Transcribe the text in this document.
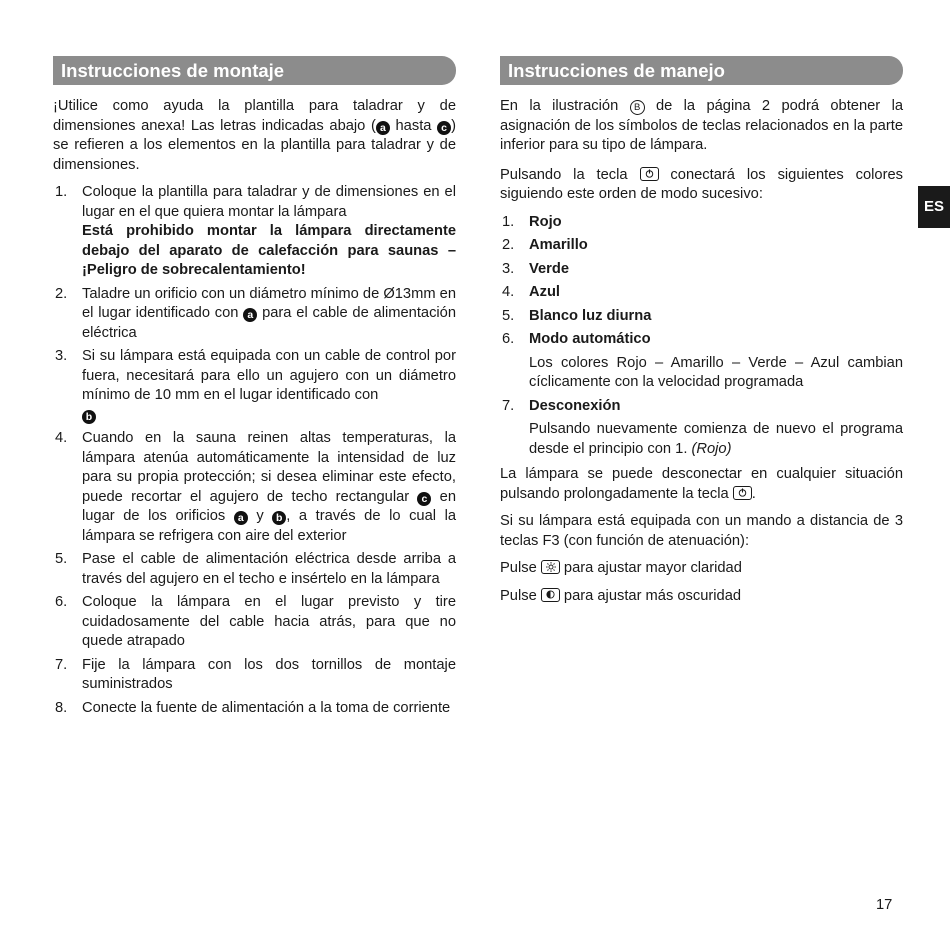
Instrucciones de montaje

¡Utilice como ayuda la plantilla para taladrar y de dimensiones anexa! Las letras indicadas abajo ( a hasta c ) se refieren a los elementos en la plantilla para taladrar y de dimensiones.

1.	Coloque la plantilla para taladrar y de dimensiones en el lugar en el que quiera montar la lámpara
Está prohibido montar la lámpara directamente debajo del aparato de calefacción para saunas – ¡Peligro de sobrecalentamiento!
2.	Taladre un orificio con un diámetro mínimo de Ø13mm en el lugar identificado con a para el cable de alimentación eléctrica
3.	Si su lámpara está equipada con un cable de control por fuera, necesitará para ello un agujero con un diámetro mínimo de 10 mm en el lugar identificado con
b
4.	Cuando en la sauna reinen altas temperaturas, la lámpara atenúa automáticamente la intensidad de luz para su propia protección; si desea eliminar este efecto, puede recortar el agujero de techo rectangular c en lugar de los orificios a y b , a través de lo cual la lámpara se refrigera con aire del exterior
5.	Pase el cable de alimentación eléctrica desde arriba a través del agujero en el techo e insértelo en la lámpara
6.	Coloque la lámpara en el lugar previsto y tire cuidadosamente del cable hacia atrás, para que no quede atrapado
7.	Fije la lámpara con los dos tornillos de montaje suministrados
8.	Conecte la fuente de alimentación a la toma de corriente
Instrucciones de manejo

En la ilustración B de la página 2 podrá obtener la asignación de los símbolos de teclas relacionados en la parte inferior para su tipo de lámpara.

Pulsando la tecla
conectará los siguientes colores siguiendo este orden de modo sucesivo:

1.	Rojo
2.	Amarillo
3.	Verde
4.	Azul
5.	Blanco luz diurna
6.	Modo automático
Los colores Rojo – Amarillo – Verde – Azul cambian cíclicamente con la velocidad programada
7.	Desconexión
Pulsando nuevamente comienza de nuevo el programa desde el principio con 1. (Rojo)

La lámpara se puede desconectar en cualquier situación pulsando prolongadamente la tecla
.

Si su lámpara está equipada con un mando a distancia de 3 teclas F3 (con función de atenuación):

Pulse
para ajustar mayor claridad

Pulse
para ajustar más oscuridad

ES
17
